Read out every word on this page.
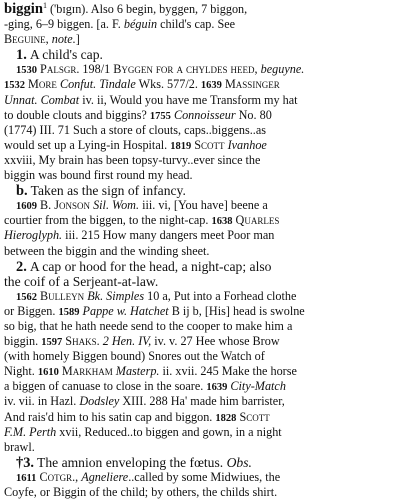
biggin$^1$ ('bɪgɪn). Also 6 begin, byggen, 7 biggon,
-ging, 6–9 biggen. [a. F. béguin child's cap. See
Beguine, note.]
1. A child's cap.
1530 Palsgr. 198/1 Byggen for a chyldes heed, beguyne.
1532 More Confut. Tindale Wks. 577/2. 1639 Massinger
Unnat. Combat iv. ii, Would you have me Transform my hat
to double clouts and biggins? 1755 Connoisseur No. 80
(1774) III. 71 Such a store of clouts, caps..biggens..as
would set up a Lying-in Hospital. 1819 Scott Ivanhoe
xxviii, My brain has been topsy-turvy..ever since the
biggin was bound first round my head.
b. Taken as the sign of infancy.
1609 B. Jonson Sil. Wom. iii. vi, [You have] beene a
courtier from the biggen, to the night-cap. 1638 Quarles
Hieroglyph. iii. 215 How many dangers meet Poor man
between the biggin and the winding sheet.
2. A cap or hood for the head, a night-cap; also
the coif of a Serjeant-at-law.
1562 Bulleyn Bk. Simples 10 a, Put into a Forhead clothe
or Biggen. 1589 Pappe w. Hatchet B ij b, [His] head is swolne
so big, that he hath neede send to the cooper to make him a
biggin. 1597 Shaks. 2 Hen. IV, iv. v. 27 Hee whose Brow
(with homely Biggen bound) Snores out the Watch of
Night. 1610 Markham Masterp. ii. xvii. 245 Make the horse
a biggen of canuase to close in the soare. 1639 City-Match
iv. vii. in Hazl. Dodsley XIII. 288 Ha' made him barrister,
And rais'd him to his satin cap and biggon. 1828 Scott
F.M. Perth xvii, Reduced..to biggen and gown, in a night
brawl.
†3. The amnion enveloping the fœtus. Obs.
1611 Cotgr., Agneliere..called by some Midwiues, the
Coyfe, or Biggin of the child; by others, the childs shirt.
